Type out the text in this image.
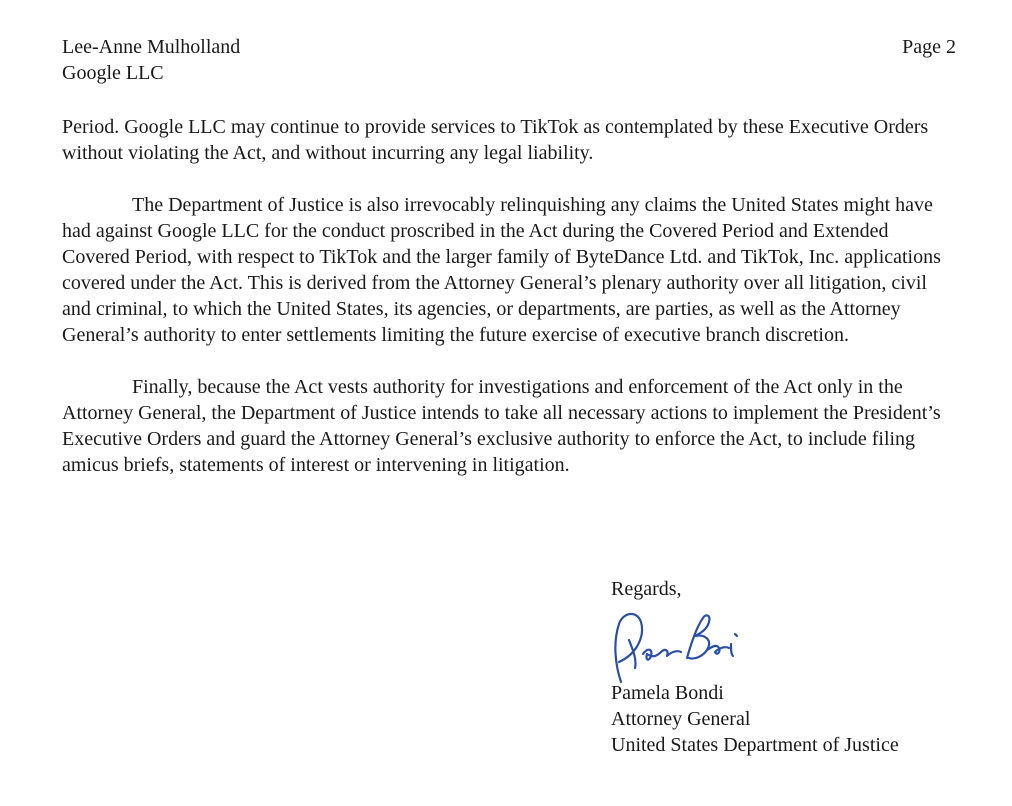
Lee-Anne Mulholland
Google LLC
Page 2

Period. Google LLC may continue to provide services to TikTok as contemplated by these Executive Orders without violating the Act, and without incurring any legal liability.

The Department of Justice is also irrevocably relinquishing any claims the United States might have had against Google LLC for the conduct proscribed in the Act during the Covered Period and Extended Covered Period, with respect to TikTok and the larger family of ByteDance Ltd. and TikTok, Inc. applications covered under the Act. This is derived from the Attorney General’s plenary authority over all litigation, civil and criminal, to which the United States, its agencies, or departments, are parties, as well as the Attorney General’s authority to enter settlements limiting the future exercise of executive branch discretion.

Finally, because the Act vests authority for investigations and enforcement of the Act only in the Attorney General, the Department of Justice intends to take all necessary actions to implement the President’s Executive Orders and guard the Attorney General’s exclusive authority to enforce the Act, to include filing amicus briefs, statements of interest or intervening in litigation.

Regards,
Pamela Bondi
Attorney General
United States Department of Justice
